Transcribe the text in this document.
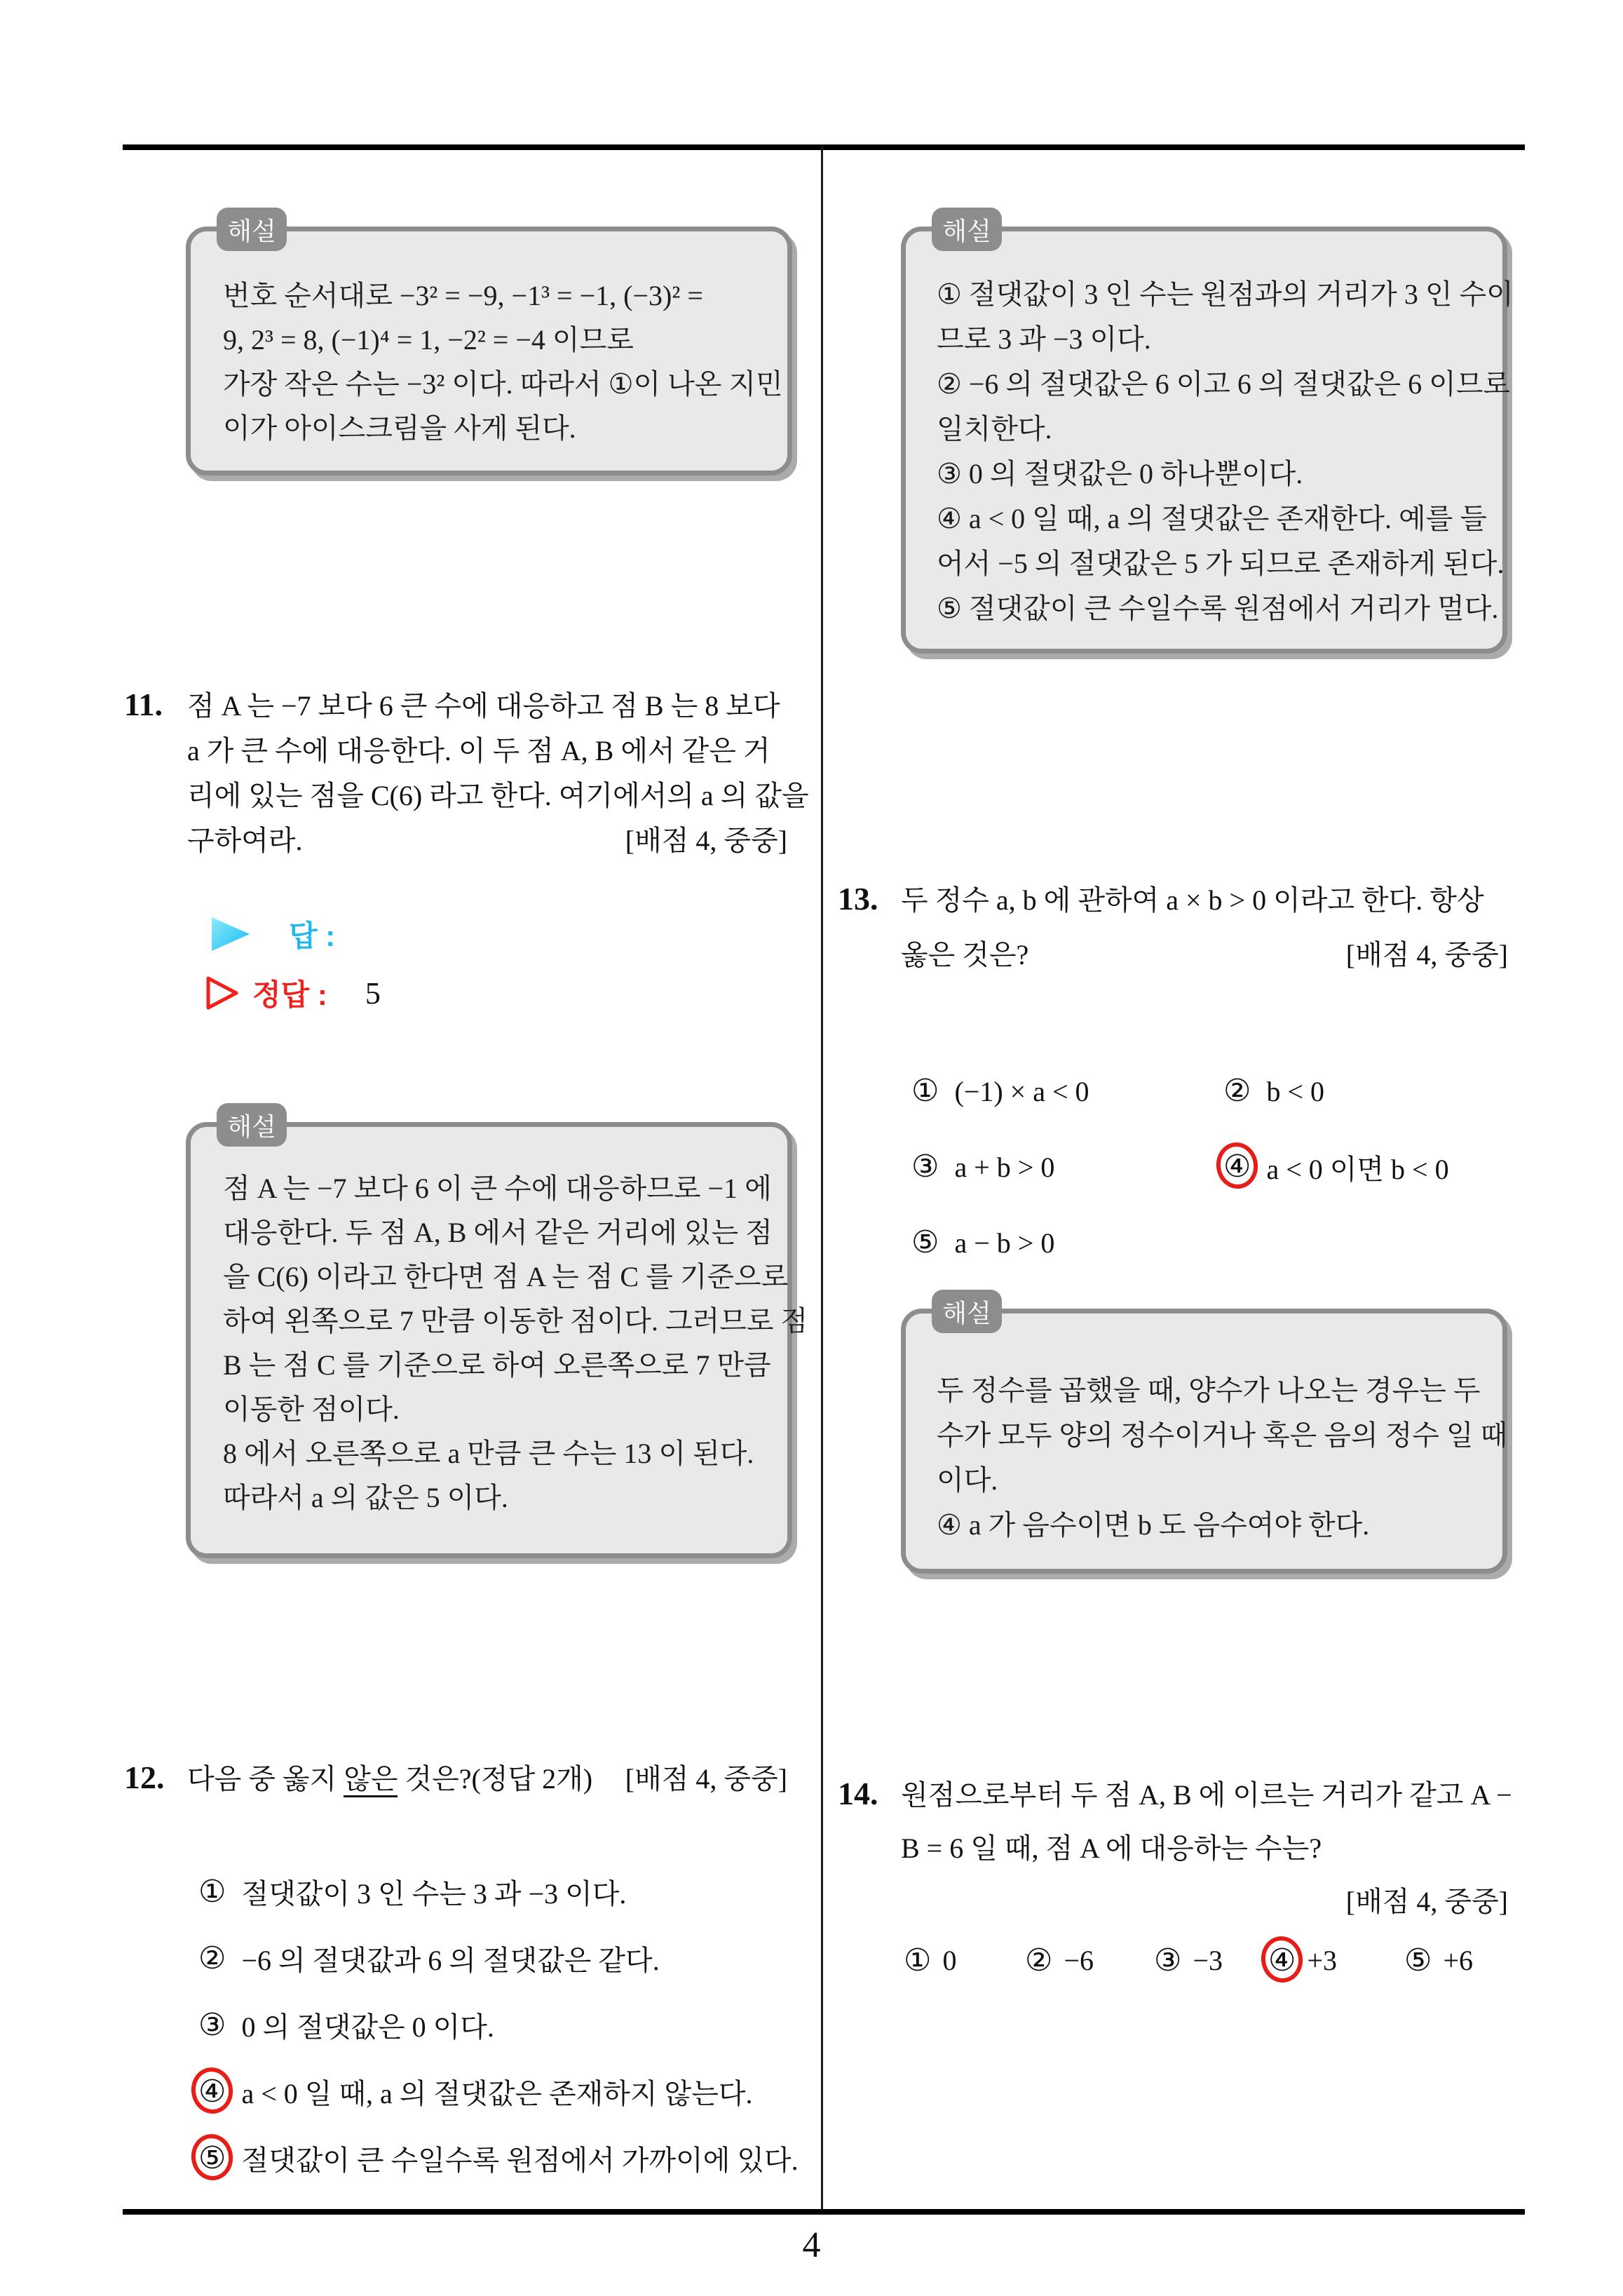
4
해설
번호 순서대로 −3² = −9, −1³ = −1, (−3)² =
9, 2³ = 8, (−1)⁴ = 1, −2² = −4 이므로
가장 작은 수는 −3² 이다. 따라서 ①이 나온 지민
이가 아이스크림을 사게 된다.
11. 점 A 는 −7 보다 6 큰 수에 대응하고 점 B 는 8 보다
a 가 큰 수에 대응한다. 이 두 점 A, B 에서 같은 거
리에 있는 점을 C(6) 라고 한다. 여기에서의 a 의 값을
구하여라.	[배점 4, 중중]
답 :
정답 : 5
해설
점 A 는 −7 보다 6 이 큰 수에 대응하므로 −1 에
대응한다. 두 점 A, B 에서 같은 거리에 있는 점
을 C(6) 이라고 한다면 점 A 는 점 C 를 기준으로
하여 왼쪽으로 7 만큼 이동한 점이다. 그러므로 점
B 는 점 C 를 기준으로 하여 오른쪽으로 7 만큼
이동한 점이다.
8 에서 오른쪽으로 a 만큼 큰 수는 13 이 된다.
따라서 a 의 값은 5 이다.
12. 다음 중 옳지 않은 것은?(정답 2개) [배점 4, 중중]
① 절댓값이 3 인 수는 3 과 −3 이다.
② −6 의 절댓값과 6 의 절댓값은 같다.
③ 0 의 절댓값은 0 이다.
④ a < 0 일 때, a 의 절댓값은 존재하지 않는다.
⑤ 절댓값이 큰 수일수록 원점에서 가까이에 있다.
해설
① 절댓값이 3 인 수는 원점과의 거리가 3 인 수이
므로 3 과 −3 이다.
② −6 의 절댓값은 6 이고 6 의 절댓값은 6 이므로
일치한다.
③ 0 의 절댓값은 0 하나뿐이다.
④ a < 0 일 때, a 의 절댓값은 존재한다. 예를 들
어서 −5 의 절댓값은 5 가 되므로 존재하게 된다.
⑤ 절댓값이 큰 수일수록 원점에서 거리가 멀다.
13. 두 정수 a, b 에 관하여 a × b > 0 이라고 한다. 항상
옳은 것은?	[배점 4, 중중]
① (−1) × a < 0	② b < 0
③ a + b > 0	④ a < 0 이면 b < 0
⑤ a − b > 0
해설
두 정수를 곱했을 때, 양수가 나오는 경우는 두
수가 모두 양의 정수이거나 혹은 음의 정수 일 때
이다.
④ a 가 음수이면 b 도 음수여야 한다.
14. 원점으로부터 두 점 A, B 에 이르는 거리가 같고 A −
B = 6 일 때, 점 A 에 대응하는 수는?
[배점 4, 중중]
① 0 ② −6 ③ −3 ④ +3 ⑤ +6
